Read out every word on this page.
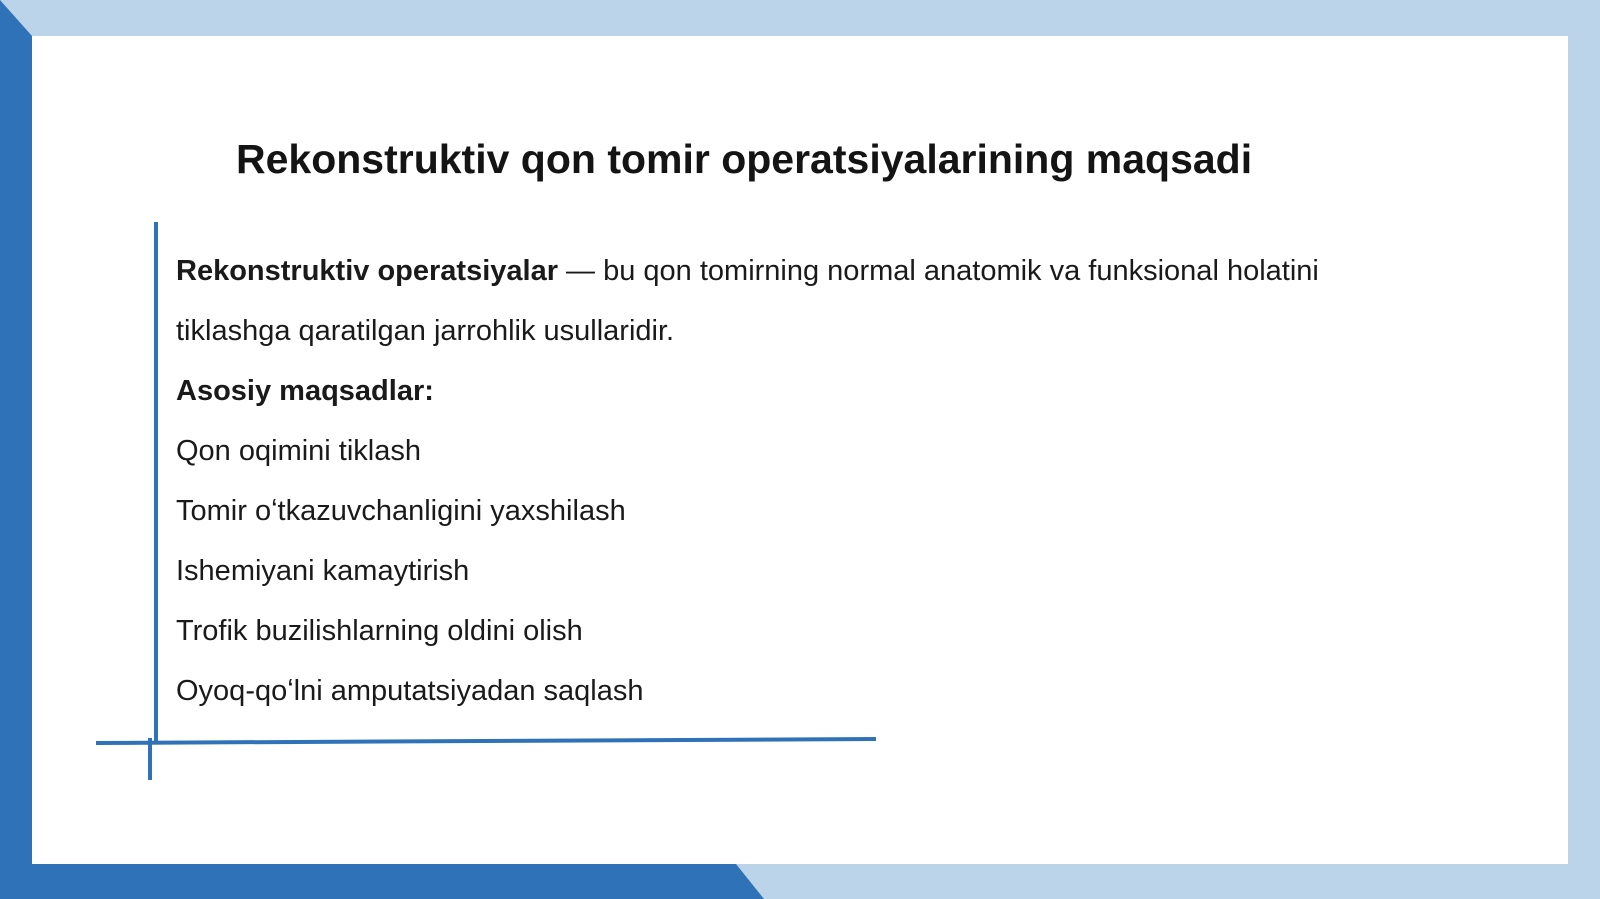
Rekonstruktiv qon tomir operatsiyalarining maqsadi

Rekonstruktiv operatsiyalar — bu qon tomirning normal anatomik va funksional holatini tiklashga qaratilgan jarrohlik usullaridir.

Asosiy maqsadlar:

Qon oqimini tiklash

Tomir oʻtkazuvchanligini yaxshilash

Ishemiyani kamaytirish

Trofik buzilishlarning oldini olish

Oyoq-qoʻlni amputatsiyadan saqlash
